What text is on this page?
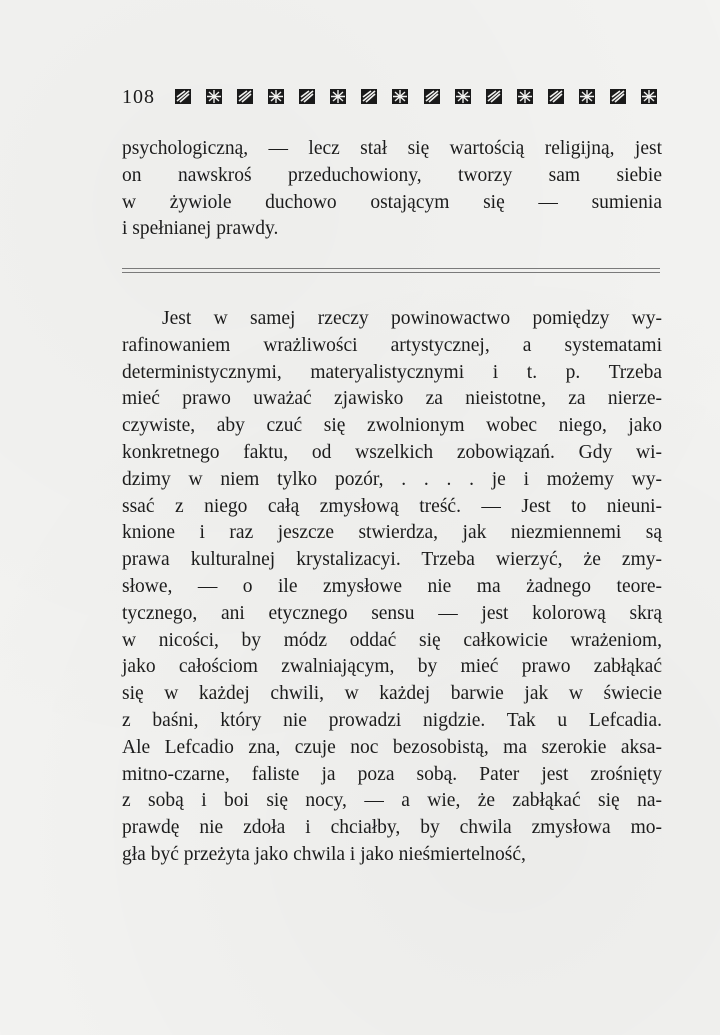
108
psychologiczną, — lecz stał się wartością religijną, jest
on nawskroś przeduchowiony, tworzy sam siebie
w żywiole duchowo ostającym się — sumienia
i spełnianej prawdy.
Jest w samej rzeczy powinowactwo pomiędzy wy-
rafinowaniem wrażliwości artystycznej, a systematami
deterministycznymi, materyalistycznymi i t. p. Trzeba
mieć prawo uważać zjawisko za nieistotne, za nierze-
czywiste, aby czuć się zwolnionym wobec niego, jako
konkretnego faktu, od wszelkich zobowiązań. Gdy wi-
dzimy w niem tylko pozór, . . . . je i możemy wy-
ssać z niego całą zmysłową treść. — Jest to nieuni-
knione i raz jeszcze stwierdza, jak niezmiennemi są
prawa kulturalnej krystalizacyi. Trzeba wierzyć, że zmy-
słowe, — o ile zmysłowe nie ma żadnego teore-
tycznego, ani etycznego sensu — jest kolorową skrą
w nicości, by módz oddać się całkowicie wrażeniom,
jako całościom zwalniającym, by mieć prawo zabłąkać
się w każdej chwili, w każdej barwie jak w świecie
z baśni, który nie prowadzi nigdzie. Tak u Lefcadia.
Ale Lefcadio zna, czuje noc bezosobistą, ma szerokie aksa-
mitno-czarne, faliste ja poza sobą. Pater jest zrośnięty
z sobą i boi się nocy, — a wie, że zabłąkać się na-
prawdę nie zdoła i chciałby, by chwila zmysłowa mo-
gła być przeżyta jako chwila i jako nieśmiertelność,
